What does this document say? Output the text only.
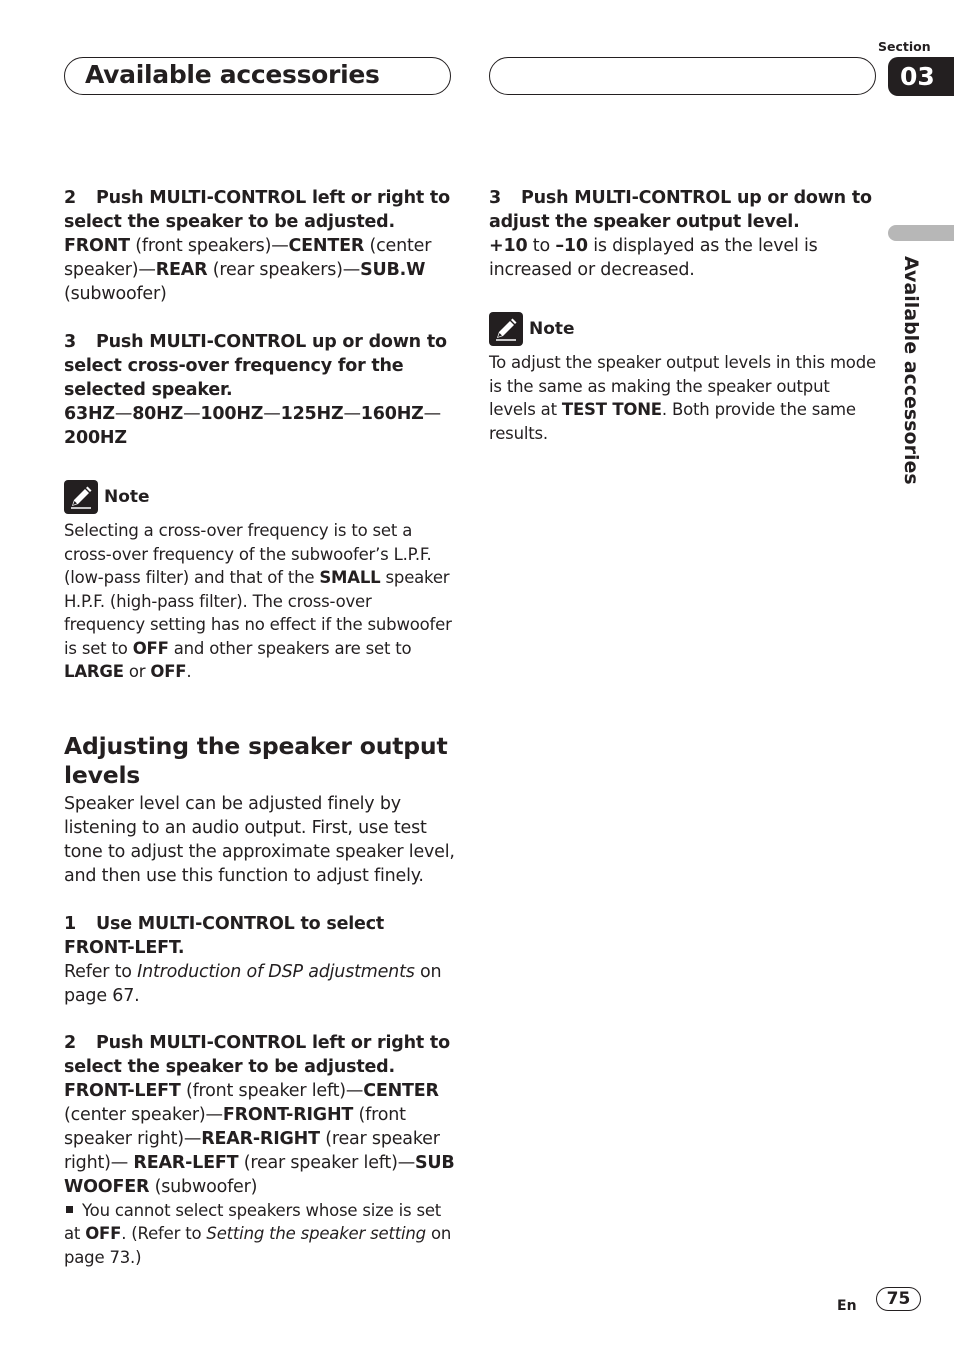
Available accessories
Section
03
Available accessories
2 Push MULTI-CONTROL left or right to select the speaker to be adjusted.
FRONT (front speakers)—CENTER (center speaker)—REAR (rear speakers)—SUB.W (subwoofer)
3 Push MULTI-CONTROL up or down to select cross-over frequency for the selected speaker.
63HZ—80HZ—100HZ—125HZ—160HZ— 200HZ
Note
Selecting a cross-over frequency is to set a cross-over frequency of the subwoofer’s L.P.F. (low-pass filter) and that of the SMALL speaker H.P.F. (high-pass filter). The cross-over frequency setting has no effect if the subwoofer is set to OFF and other speakers are set to LARGE or OFF.
Adjusting the speaker output levels
Speaker level can be adjusted finely by listening to an audio output. First, use test tone to adjust the approximate speaker level, and then use this function to adjust finely.
1 Use MULTI-CONTROL to select FRONT-LEFT.
Refer to Introduction of DSP adjustments on page 67.
2 Push MULTI-CONTROL left or right to select the speaker to be adjusted.
FRONT-LEFT (front speaker left)—CENTER (center speaker)—FRONT-RIGHT (front speaker right)—REAR-RIGHT (rear speaker right)— REAR-LEFT (rear speaker left)—SUB WOOFER (subwoofer)
You cannot select speakers whose size is set at OFF. (Refer to Setting the speaker setting on page 73.)
3 Push MULTI-CONTROL up or down to adjust the speaker output level.
+10 to –10 is displayed as the level is increased or decreased.
Note
To adjust the speaker output levels in this mode is the same as making the speaker output levels at TEST TONE. Both provide the same results.
En	75
